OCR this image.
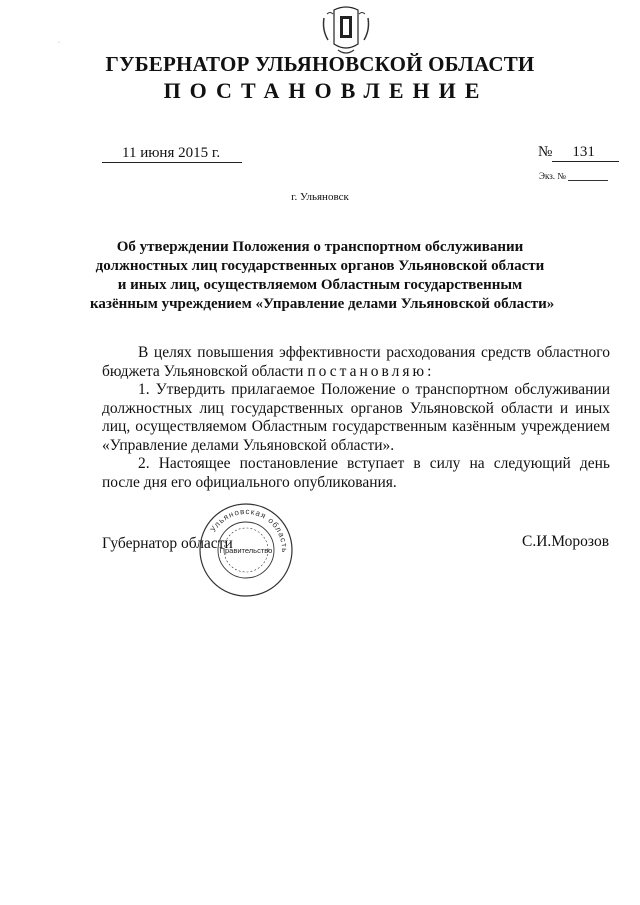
·
ГУБЕРНАТОР УЛЬЯНОВСКОЙ ОБЛАСТИ
ПОСТАНОВЛЕНИЕ
11 июня 2015 г.	№ 131
Экз. №
г. Ульяновск
Об утверждении Положения о транспортном обслуживании
должностных лиц государственных органов Ульяновской области
и иных лиц, осуществляемом Областным государственным
казённым учреждением «Управление делами Ульяновской области»

В целях повышения эффективности расходования средств областного бюджета Ульяновской области постановляю:

1. Утвердить прилагаемое Положение о транспортном обслуживании должностных лиц государственных органов Ульяновской области и иных лиц, осуществляемом Областным государственным казённым учреждением «Управление делами Ульяновской области».

2. Настоящее постановление вступает в силу на следующий день после дня его официального опубликования.

Губернатор области	С.И.Морозов
Ульяновская область
Правительство
